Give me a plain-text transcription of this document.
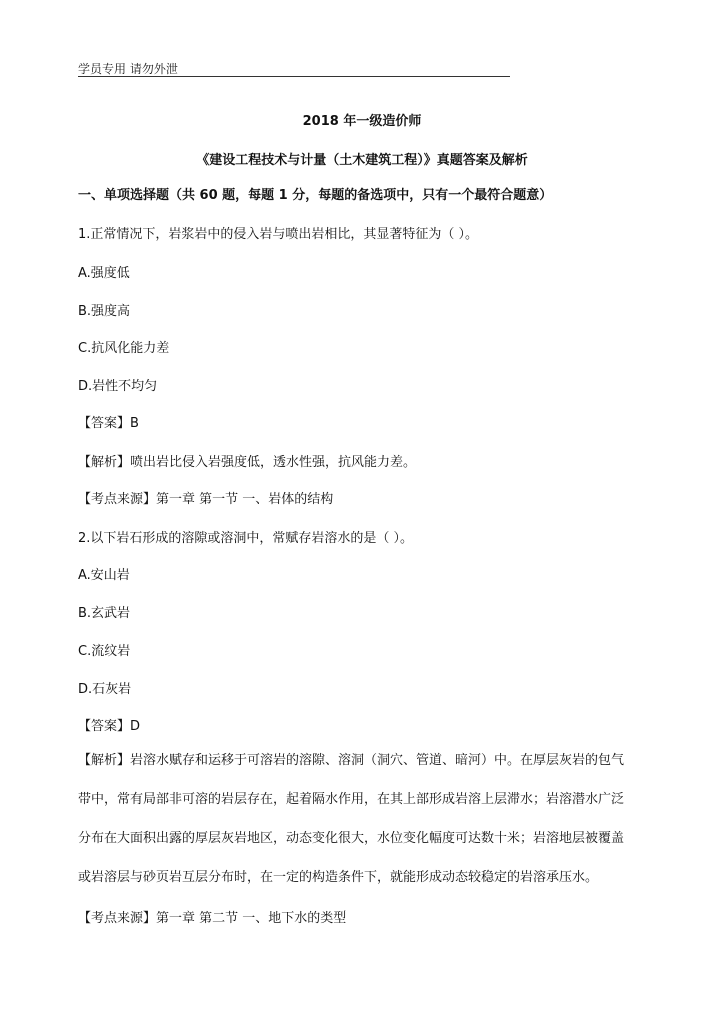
学员专用 请勿外泄
2018 年一级造价师
《建设工程技术与计量（土木建筑工程）》真题答案及解析
一、单项选择题（共 60 题，每题 1 分，每题的备选项中，只有一个最符合题意）
1.正常情况下，岩浆岩中的侵入岩与喷出岩相比，其显著特征为（ ）。
A.强度低
B.强度高
C.抗风化能力差
D.岩性不均匀
【答案】B
【解析】喷出岩比侵入岩强度低，透水性强，抗风能力差。
【考点来源】第一章 第一节 一、岩体的结构
2.以下岩石形成的溶隙或溶洞中，常赋存岩溶水的是（ ）。
A.安山岩
B.玄武岩
C.流纹岩
D.石灰岩
【答案】D
【解析】岩溶水赋存和运移于可溶岩的溶隙、溶洞（洞穴、管道、暗河）中。在厚层灰岩的包气
带中，常有局部非可溶的岩层存在，起着隔水作用，在其上部形成岩溶上层滞水；岩溶潜水广泛
分布在大面积出露的厚层灰岩地区，动态变化很大，水位变化幅度可达数十米；岩溶地层被覆盖
或岩溶层与砂页岩互层分布时，在一定的构造条件下，就能形成动态较稳定的岩溶承压水。
【考点来源】第一章 第二节 一、地下水的类型
